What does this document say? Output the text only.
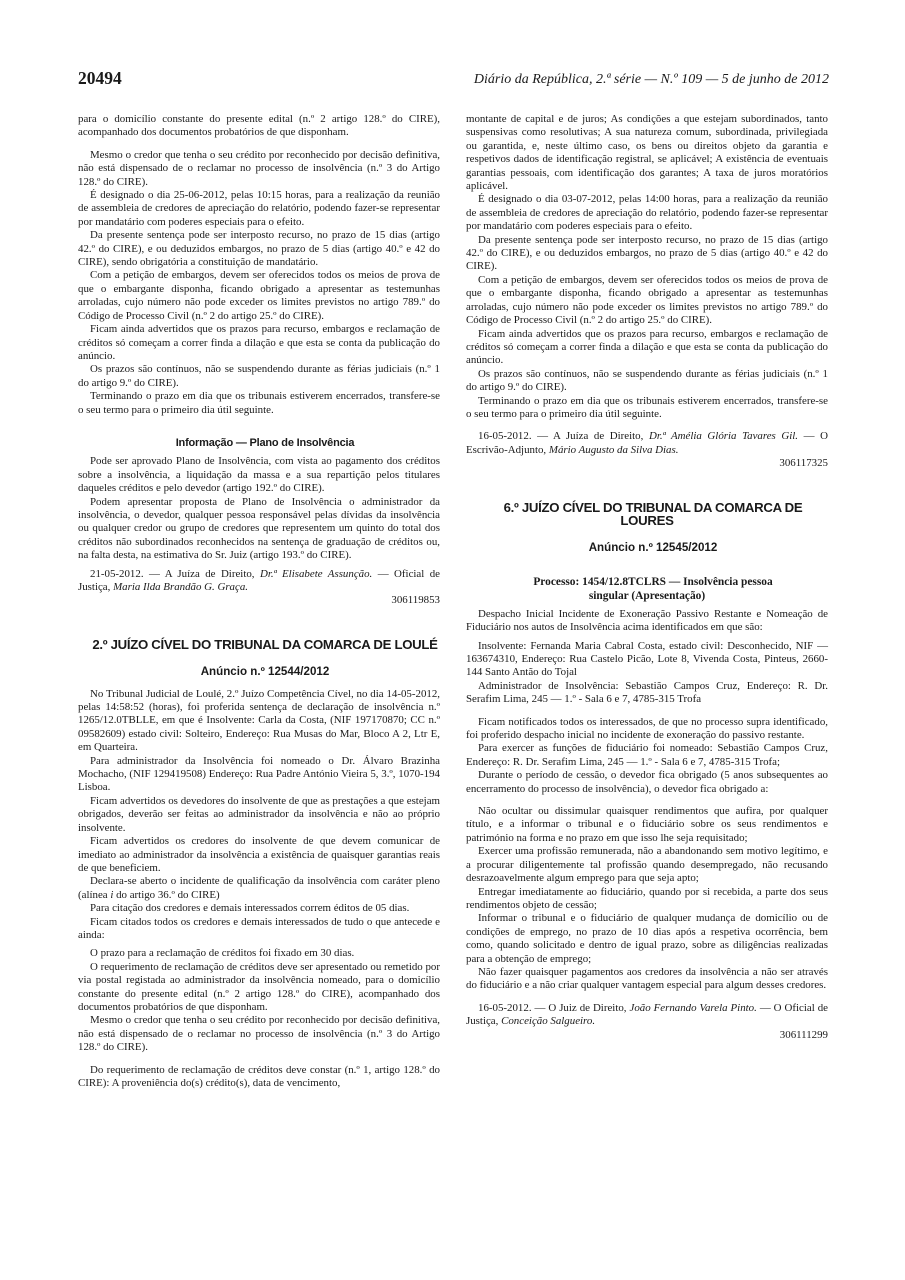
20494	Diário da República, 2.ª série — N.º 109 — 5 de junho de 2012

para o domicílio constante do presente edital (n.º 2 artigo 128.º do CIRE), acompanhado dos documentos probatórios de que disponham.

Mesmo o credor que tenha o seu crédito por reconhecido por decisão definitiva, não está dispensado de o reclamar no processo de insolvência (n.º 3 do Artigo 128.º do CIRE).

É designado o dia 25-06-2012, pelas 10:15 horas, para a realização da reunião de assembleia de credores de apreciação do relatório, podendo fazer-se representar por mandatário com poderes especiais para o efeito.

Da presente sentença pode ser interposto recurso, no prazo de 15 dias (artigo 42.º do CIRE), e ou deduzidos embargos, no prazo de 5 dias (artigo 40.º e 42 do CIRE), sendo obrigatória a constituição de mandatário.

Com a petição de embargos, devem ser oferecidos todos os meios de prova de que o embargante disponha, ficando obrigado a apresentar as testemunhas arroladas, cujo número não pode exceder os limites previstos no artigo 789.º do Código de Processo Civil (n.º 2 do artigo 25.º do CIRE).

Ficam ainda advertidos que os prazos para recurso, embargos e reclamação de créditos só começam a correr finda a dilação e que esta se conta da publicação do anúncio.

Os prazos são contínuos, não se suspendendo durante as férias judiciais (n.º 1 do artigo 9.º do CIRE).

Terminando o prazo em dia que os tribunais estiverem encerrados, transfere-se o seu termo para o primeiro dia útil seguinte.

Informação — Plano de Insolvência

Pode ser aprovado Plano de Insolvência, com vista ao pagamento dos créditos sobre a insolvência, a liquidação da massa e a sua repartição pelos titulares daqueles créditos e pelo devedor (artigo 192.º do CIRE).

Podem apresentar proposta de Plano de Insolvência o administrador da insolvência, o devedor, qualquer pessoa responsável pelas dívidas da insolvência ou qualquer credor ou grupo de credores que representem um quinto do total dos créditos não subordinados reconhecidos na sentença de graduação de créditos ou, na falta desta, na estimativa do Sr. Juiz (artigo 193.º do CIRE).

21-05-2012. — A Juíza de Direito, Dr.ª Elisabete Assunção. — Oficial de Justiça, Maria Ilda Brandão G. Graça.

306119853

2.º JUÍZO CÍVEL DO TRIBUNAL DA COMARCA DE LOULÉ

Anúncio n.º 12544/2012

No Tribunal Judicial de Loulé, 2.º Juízo Competência Cível, no dia 14-05-2012, pelas 14:58:52 (horas), foi proferida sentença de declaração de insolvência n.º 1265/12.0TBLLE, em que é Insolvente: Carla da Costa, (NIF 197170870; CC n.º 09582609) estado civil: Solteiro, Endereço: Rua Musas do Mar, Bloco A 2, Ltr E, em Quarteira.

Para administrador da Insolvência foi nomeado o Dr. Álvaro Brazinha Mochacho, (NIF 129419508) Endereço: Rua Padre António Vieira 5, 3.º, 1070-194 Lisboa.

Ficam advertidos os devedores do insolvente de que as prestações a que estejam obrigados, deverão ser feitas ao administrador da insolvência e não ao próprio insolvente.

Ficam advertidos os credores do insolvente de que devem comunicar de imediato ao administrador da insolvência a existência de quaisquer garantias reais de que beneficiem.

Declara-se aberto o incidente de qualificação da insolvência com caráter pleno (alínea i do artigo 36.º do CIRE)

Para citação dos credores e demais interessados correm éditos de 05 dias.

Ficam citados todos os credores e demais interessados de tudo o que antecede e ainda:

O prazo para a reclamação de créditos foi fixado em 30 dias.

O requerimento de reclamação de créditos deve ser apresentado ou remetido por via postal registada ao administrador da insolvência nomeado, para o domicílio constante do presente edital (n.º 2 artigo 128.º do CIRE), acompanhado dos documentos probatórios de que disponham.

Mesmo o credor que tenha o seu crédito por reconhecido por decisão definitiva, não está dispensado de o reclamar no processo de insolvência (n.º 3 do Artigo 128.º do CIRE).

Do requerimento de reclamação de créditos deve constar (n.º 1, artigo 128.º do CIRE): A proveniência do(s) crédito(s), data de vencimento,

montante de capital e de juros; As condições a que estejam subordinados, tanto suspensivas como resolutivas; A sua natureza comum, subordinada, privilegiada ou garantida, e, neste último caso, os bens ou direitos objeto da garantia e respetivos dados de identificação registral, se aplicável; A existência de eventuais garantias pessoais, com identificação dos garantes; A taxa de juros moratórios aplicável.

É designado o dia 03-07-2012, pelas 14:00 horas, para a realização da reunião de assembleia de credores de apreciação do relatório, podendo fazer-se representar por mandatário com poderes especiais para o efeito.

Da presente sentença pode ser interposto recurso, no prazo de 15 dias (artigo 42.º do CIRE), e ou deduzidos embargos, no prazo de 5 dias (artigo 40.º e 42 do CIRE).

Com a petição de embargos, devem ser oferecidos todos os meios de prova de que o embargante disponha, ficando obrigado a apresentar as testemunhas arroladas, cujo número não pode exceder os limites previstos no artigo 789.º do Código de Processo Civil (n.º 2 do artigo 25.º do CIRE).

Ficam ainda advertidos que os prazos para recurso, embargos e reclamação de créditos só começam a correr finda a dilação e que esta se conta da publicação do anúncio.

Os prazos são contínuos, não se suspendendo durante as férias judiciais (n.º 1 do artigo 9.º do CIRE).

Terminando o prazo em dia que os tribunais estiverem encerrados, transfere-se o seu termo para o primeiro dia útil seguinte.

16-05-2012. — A Juíza de Direito, Dr.ª Amélia Glória Tavares Gil. — O Escrivão-Adjunto, Mário Augusto da Silva Dias.

306117325

6.º JUÍZO CÍVEL DO TRIBUNAL DA COMARCA DE LOURES

Anúncio n.º 12545/2012

Processo: 1454/12.8TCLRS — Insolvência pessoa
singular (Apresentação)

Despacho Inicial Incidente de Exoneração Passivo Restante e Nomeação de Fiduciário nos autos de Insolvência acima identificados em que são:

Insolvente: Fernanda Maria Cabral Costa, estado civil: Desconhecido, NIF — 163674310, Endereço: Rua Castelo Picão, Lote 8, Vivenda Costa, Pinteus, 2660-144 Santo Antão do Tojal

Administrador de Insolvência: Sebastião Campos Cruz, Endereço: R. Dr. Serafim Lima, 245 — 1.º - Sala 6 e 7, 4785-315 Trofa

Ficam notificados todos os interessados, de que no processo supra identificado, foi proferido despacho inicial no incidente de exoneração do passivo restante.

Para exercer as funções de fiduciário foi nomeado: Sebastião Campos Cruz, Endereço: R. Dr. Serafim Lima, 245 — 1.º - Sala 6 e 7, 4785-315 Trofa;

Durante o período de cessão, o devedor fica obrigado (5 anos subsequentes ao encerramento do processo de insolvência), o devedor fica obrigado a:

Não ocultar ou dissimular quaisquer rendimentos que aufira, por qualquer título, e a informar o tribunal e o fiduciário sobre os seus rendimentos e património na forma e no prazo em que isso lhe seja requisitado;

Exercer uma profissão remunerada, não a abandonando sem motivo legítimo, e a procurar diligentemente tal profissão quando desempregado, não recusando desrazoavelmente algum emprego para que seja apto;

Entregar imediatamente ao fiduciário, quando por si recebida, a parte dos seus rendimentos objeto de cessão;

Informar o tribunal e o fiduciário de qualquer mudança de domicílio ou de condições de emprego, no prazo de 10 dias após a respetiva ocorrência, bem como, quando solicitado e dentro de igual prazo, sobre as diligências realizadas para a obtenção de emprego;

Não fazer quaisquer pagamentos aos credores da insolvência a não ser através do fiduciário e a não criar qualquer vantagem especial para algum desses credores.

16-05-2012. — O Juiz de Direito, João Fernando Varela Pinto. — O Oficial de Justiça, Conceição Salgueiro.

306111299
